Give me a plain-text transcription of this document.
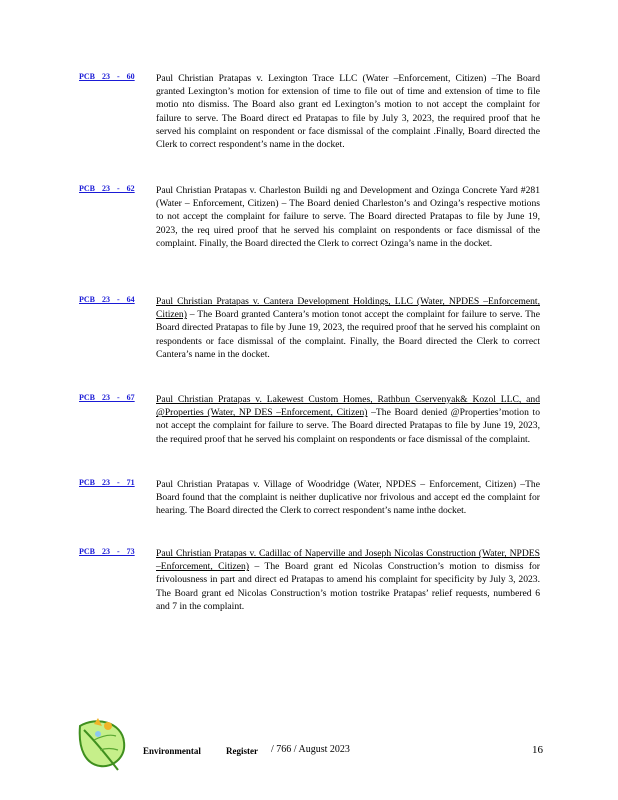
PCB 23 - 60 Paul Christian Pratapas v. Lexington Trace LLC (Water –Enforcement, Citizen) –The Board granted Lexington’s motion for extension of time to file out of time and extension of time to file motio nto dismiss. The Board also grant ed Lexington’s motion to not accept the complaint for failure to serve. The Board direct ed Pratapas to file by July 3, 2023, the required proof that he served his complaint on respondent or face dismissal of the complaint .Finally, Board directed the Clerk to correct respondent’s name in the docket.
PCB 23 - 62 Paul Christian Pratapas v. Charleston Buildi ng and Development and Ozinga Concrete Yard #281 (Water – Enforcement, Citizen) – The Board denied Charleston’s and Ozinga’s respective motions to not accept the complaint for failure to serve. The Board directed Pratapas to file by June 19, 2023, the req uired proof that he served his complaint on respondents or face dismissal of the complaint. Finally, the Board directed the Clerk to correct Ozinga’s name in the docket.
PCB 23 - 64 Paul Christian Pratapas v. Cantera Development Holdings, LLC (Water, NPDES –Enforcement, Citizen) – The Board granted Cantera’s motion tonot accept the complaint for failure to serve. The Board directed Pratapas to file by June 19, 2023, the required proof that he served his complaint on respondents or face dismissal of the complaint. Finally, the Board directed the Clerk to correct Cantera’s name in the docket.
PCB 23 - 67 Paul Christian Pratapas v. Lakewest Custom Homes, Rathbun Cservenyak& Kozol LLC, and @Properties (Water, NP DES –Enforcement, Citizen) –The Board denied @Properties’motion to not accept the complaint for failure to serve. The Board directed Pratapas to file by June 19, 2023, the required proof that he served his complaint on respondents or face dismissal of the complaint.
PCB 23 - 71 Paul Christian Pratapas v. Village of Woodridge (Water, NPDES – Enforcement, Citizen) –The Board found that the complaint is neither duplicative nor frivolous and accept ed the complaint for hearing. The Board directed the Clerk to correct respondent’s name inthe docket.
PCB 23 - 73 Paul Christian Pratapas v. Cadillac of Naperville and Joseph Nicolas Construction (Water, NPDES –Enforcement, Citizen) – The Board grant ed Nicolas Construction’s motion to dismiss for frivolousness in part and direct ed Pratapas to amend his complaint for specificity by July 3, 2023. The Board grant ed Nicolas Construction’s motion tostrike Pratapas’ relief requests, numbered 6 and 7 in the complaint.
Environmental	Register / 766 / August 2023	16
